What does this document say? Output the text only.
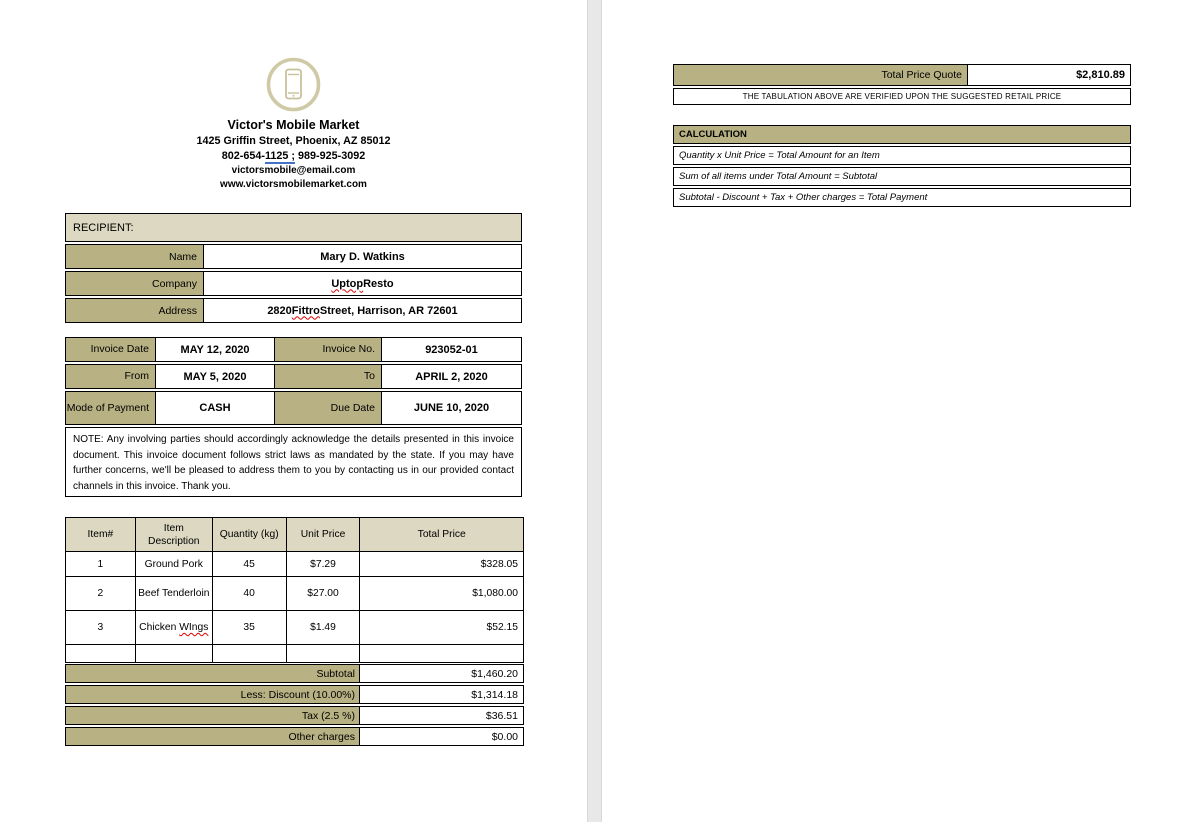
Victor's Mobile Market
1425 Griffin Street, Phoenix, AZ 85012
802-654-1125 ; 989-925-3092
victorsmobile@email.com
www.victorsmobilemarket.com
RECIPIENT:
Name	Mary D. Watkins
Company	Uptop Resto
Address	2820 Fittro Street, Harrison, AR 72601
Invoice Date	MAY 12, 2020	Invoice No.	923052-01
From	MAY 5, 2020	To	APRIL 2, 2020
Mode of Payment	CASH	Due Date	JUNE 10, 2020
NOTE: Any involving parties should accordingly acknowledge the details presented in this invoice document. This invoice document follows strict laws as mandated by the state. If you may have further concerns, we'll be pleased to address them to you by contacting us in our provided contact channels in this invoice. Thank you.
Item#	Item Description	Quantity (kg)	Unit Price	Total Price
1	Ground Pork	45	$7.29	$328.05
2	Beef Tenderloin	40	$27.00	$1,080.00
3	Chicken WIngs	35	$1.49	$52.15

Subtotal	$1,460.20
Less: Discount (10.00%)	$1,314.18
Tax (2.5 %)	$36.51
Other charges	$0.00
Total Price Quote	$2,810.89
THE TABULATION ABOVE ARE VERIFIED UPON THE SUGGESTED RETAIL PRICE
CALCULATION
Quantity x Unit Price = Total Amount for an Item
Sum of all items under Total Amount = Subtotal
Subtotal - Discount + Tax + Other charges = Total Payment
